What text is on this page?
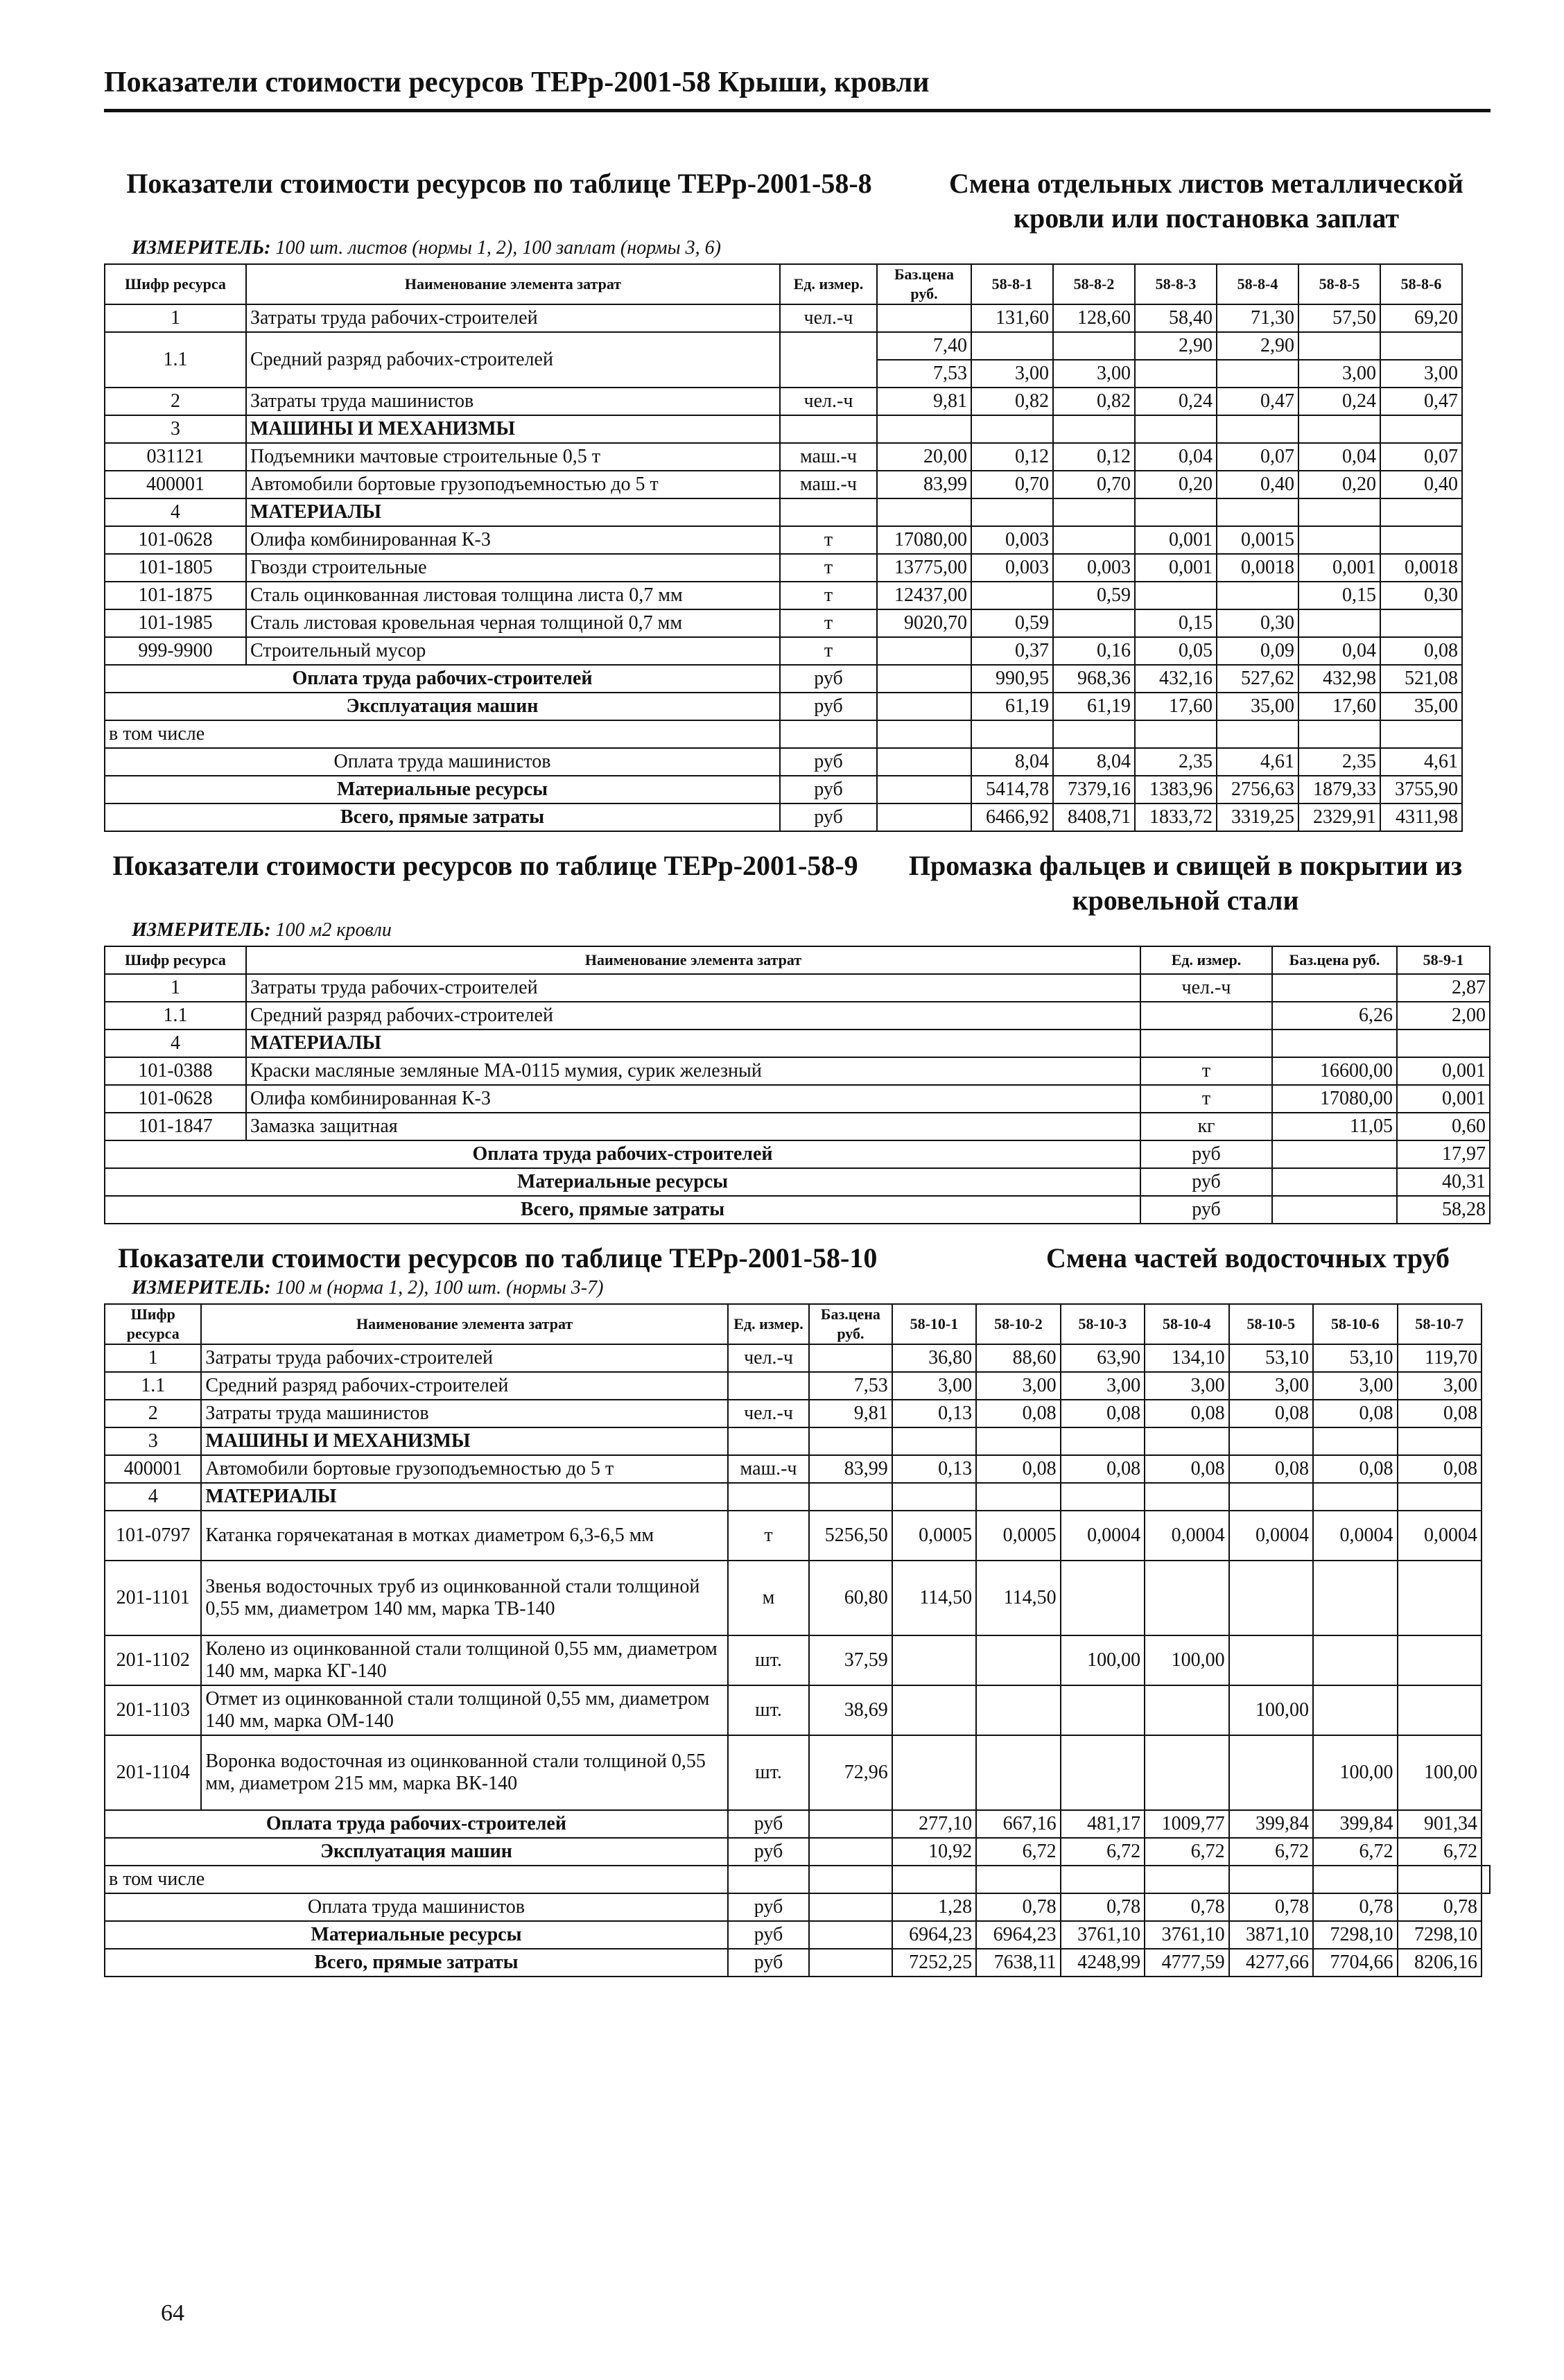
Показатели стоимости ресурсов ТЕРр-2001-58 Крыши, кровли
Показатели стоимости ресурсов по таблице ТЕРр-2001-58-8	Смена отдельных листов металлической кровли или постановка заплат
ИЗМЕРИТЕЛЬ: 100 шт. листов (нормы 1, 2), 100 заплат (нормы 3, 6)
Шифр ресурса	Наименование элемента затрат	Ед. измер.	Баз.цена руб.	58-8-1	58-8-2	58-8-3	58-8-4	58-8-5	58-8-6
1	Затраты труда рабочих-строителей	чел.-ч		131,60	128,60	58,40	71,30	57,50	69,20
1.1	Средний разряд рабочих-строителей		7,40			2,90	2,90		
			7,53	3,00	3,00			3,00	3,00
2	Затраты труда машинистов	чел.-ч	9,81	0,82	0,82	0,24	0,47	0,24	0,47
3	МАШИНЫ И МЕХАНИЗМЫ								
031121	Подъемники мачтовые строительные 0,5 т	маш.-ч	20,00	0,12	0,12	0,04	0,07	0,04	0,07
400001	Автомобили бортовые грузоподъемностью до 5 т	маш.-ч	83,99	0,70	0,70	0,20	0,40	0,20	0,40
4	МАТЕРИАЛЫ								
101-0628	Олифа комбинированная К-3	т	17080,00	0,003		0,001	0,0015		
101-1805	Гвозди строительные	т	13775,00	0,003	0,003	0,001	0,0018	0,001	0,0018
101-1875	Сталь оцинкованная листовая толщина листа 0,7 мм	т	12437,00		0,59			0,15	0,30
101-1985	Сталь листовая кровельная черная толщиной 0,7 мм	т	9020,70	0,59		0,15	0,30		
999-9900	Строительный мусор	т		0,37	0,16	0,05	0,09	0,04	0,08
Оплата труда рабочих-строителей		руб		990,95	968,36	432,16	527,62	432,98	521,08
Эксплуатация машин		руб		61,19	61,19	17,60	35,00	17,60	35,00
в том числе									
Оплата труда машинистов		руб		8,04	8,04	2,35	4,61	2,35	4,61
Материальные ресурсы		руб		5414,78	7379,16	1383,96	2756,63	1879,33	3755,90
Всего, прямые затраты		руб		6466,92	8408,71	1833,72	3319,25	2329,91	4311,98
Показатели стоимости ресурсов по таблице ТЕРр-2001-58-9	Промазка фальцев и свищей в покрытии из кровельной стали
ИЗМЕРИТЕЛЬ: 100 м2 кровли
Шифр ресурса	Наименование элемента затрат	Ед. измер.	Баз.цена руб.	58-9-1
1	Затраты труда рабочих-строителей	чел.-ч		2,87
1.1	Средний разряд рабочих-строителей		6,26	2,00
4	МАТЕРИАЛЫ			
101-0388	Краски масляные земляные МА-0115 мумия, сурик железный	т	16600,00	0,001
101-0628	Олифа комбинированная К-3	т	17080,00	0,001
101-1847	Замазка защитная	кг	11,05	0,60
Оплата труда рабочих-строителей		руб		17,97
Материальные ресурсы		руб		40,31
Всего, прямые затраты		руб		58,28
Показатели стоимости ресурсов по таблице ТЕРр-2001-58-10	Смена частей водосточных труб
ИЗМЕРИТЕЛЬ: 100 м (норма 1, 2), 100 шт. (нормы 3-7)
Шифр ресурса	Наименование элемента затрат	Ед. измер.	Баз.цена руб.	58-10-1	58-10-2	58-10-3	58-10-4	58-10-5	58-10-6	58-10-7	
1	Затраты труда рабочих-строителей	чел.-ч		36,80	88,60	63,90	134,10	53,10	53,10	119,70	
1.1	Средний разряд рабочих-строителей		7,53	3,00	3,00	3,00	3,00	3,00	3,00	3,00	
2	Затраты труда машинистов	чел.-ч	9,81	0,13	0,08	0,08	0,08	0,08	0,08	0,08	
3	МАШИНЫ И МЕХАНИЗМЫ										
400001	Автомобили бортовые грузоподъемностью до 5 т	маш.-ч	83,99	0,13	0,08	0,08	0,08	0,08	0,08	0,08	
4	МАТЕРИАЛЫ										
101-0797	Катанка горячекатаная в мотках диаметром 6,3-6,5 мм	т	5256,50	0,0005	0,0005	0,0004	0,0004	0,0004	0,0004	0,0004	
201-1101	Звенья водосточных труб из оцинкованной стали толщиной 0,55 мм, диаметром 140 мм, марка ТВ-140	м	60,80	114,50	114,50						
201-1102	Колено из оцинкованной стали толщиной 0,55 мм, диаметром 140 мм, марка КГ-140	шт.	37,59			100,00	100,00				
201-1103	Отмет из оцинкованной стали толщиной 0,55 мм, диаметром 140 мм, марка ОМ-140	шт.	38,69					100,00			
201-1104	Воронка водосточная из оцинкованной стали толщиной 0,55 мм, диаметром 215 мм, марка ВК-140	шт.	72,96						100,00	100,00	
Оплата труда рабочих-строителей		руб		277,10	667,16	481,17	1009,77	399,84	399,84	901,34	
Эксплуатация машин		руб		10,92	6,72	6,72	6,72	6,72	6,72	6,72	
в том числе											
Оплата труда машинистов		руб		1,28	0,78	0,78	0,78	0,78	0,78	0,78	
Материальные ресурсы		руб		6964,23	6964,23	3761,10	3761,10	3871,10	7298,10	7298,10	
Всего, прямые затраты		руб		7252,25	7638,11	4248,99	4777,59	4277,66	7704,66	8206,16	
64
